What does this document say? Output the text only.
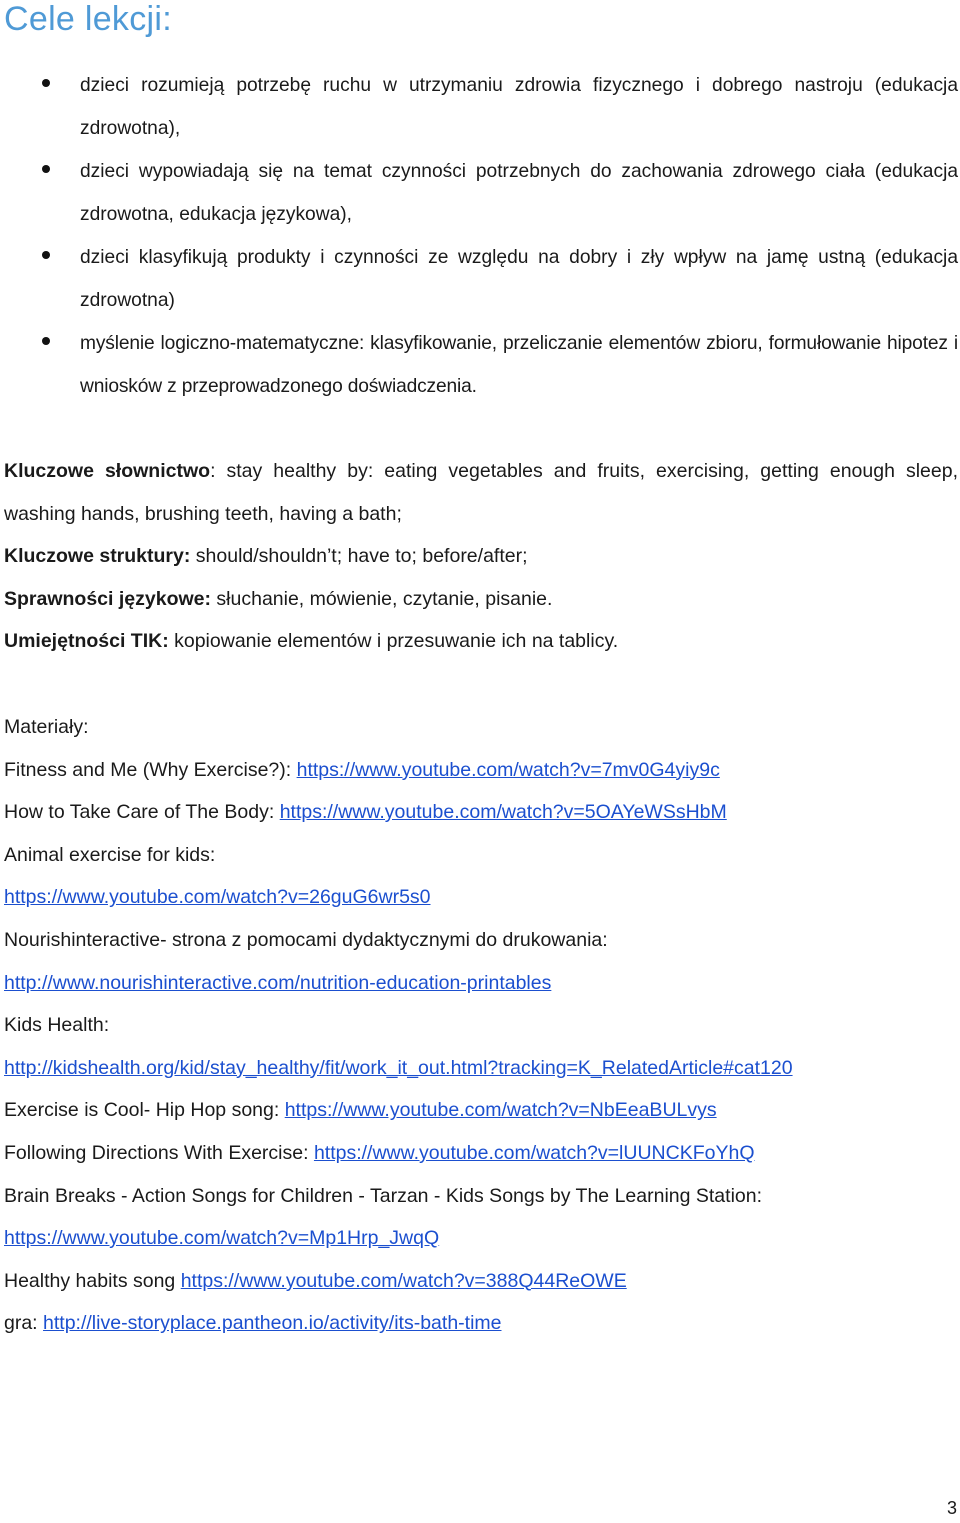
Cele lekcji:
dzieci rozumieją potrzebę ruchu w utrzymaniu zdrowia fizycznego i dobrego nastroju (edukacja zdrowotna),
dzieci wypowiadają się na temat czynności potrzebnych do zachowania zdrowego ciała (edukacja zdrowotna, edukacja językowa),
dzieci klasyfikują produkty i czynności ze względu na dobry i zły wpływ na jamę ustną (edukacja zdrowotna)
myślenie logiczno-matematyczne: klasyfikowanie, przeliczanie elementów zbioru, formułowanie hipotez i wniosków z przeprowadzonego doświadczenia.

Kluczowe słownictwo: stay healthy by: eating vegetables and fruits, exercising, getting enough sleep, washing hands, brushing teeth, having a bath;

Kluczowe struktury: should/shouldn’t; have to; before/after;

Sprawności językowe: słuchanie, mówienie, czytanie, pisanie.

Umiejętności TIK: kopiowanie elementów i przesuwanie ich na tablicy.

Materiały:

Fitness and Me (Why Exercise?): https://www.youtube.com/watch?v=7mv0G4yiy9c

How to Take Care of The Body: https://www.youtube.com/watch?v=5OAYeWSsHbM

Animal exercise for kids:

https://www.youtube.com/watch?v=26guG6wr5s0

Nourishinteractive- strona z pomocami dydaktycznymi do drukowania:

http://www.nourishinteractive.com/nutrition-education-printables

Kids Health:

http://kidshealth.org/kid/stay_healthy/fit/work_it_out.html?tracking=K_RelatedArticle#cat120

Exercise is Cool- Hip Hop song: https://www.youtube.com/watch?v=NbEeaBULvys

Following Directions With Exercise: https://www.youtube.com/watch?v=lUUNCKFoYhQ

Brain Breaks - Action Songs for Children - Tarzan - Kids Songs by The Learning Station:

https://www.youtube.com/watch?v=Mp1Hrp_JwqQ

Healthy habits song https://www.youtube.com/watch?v=388Q44ReOWE

gra: http://live-storyplace.pantheon.io/activity/its-bath-time

3
